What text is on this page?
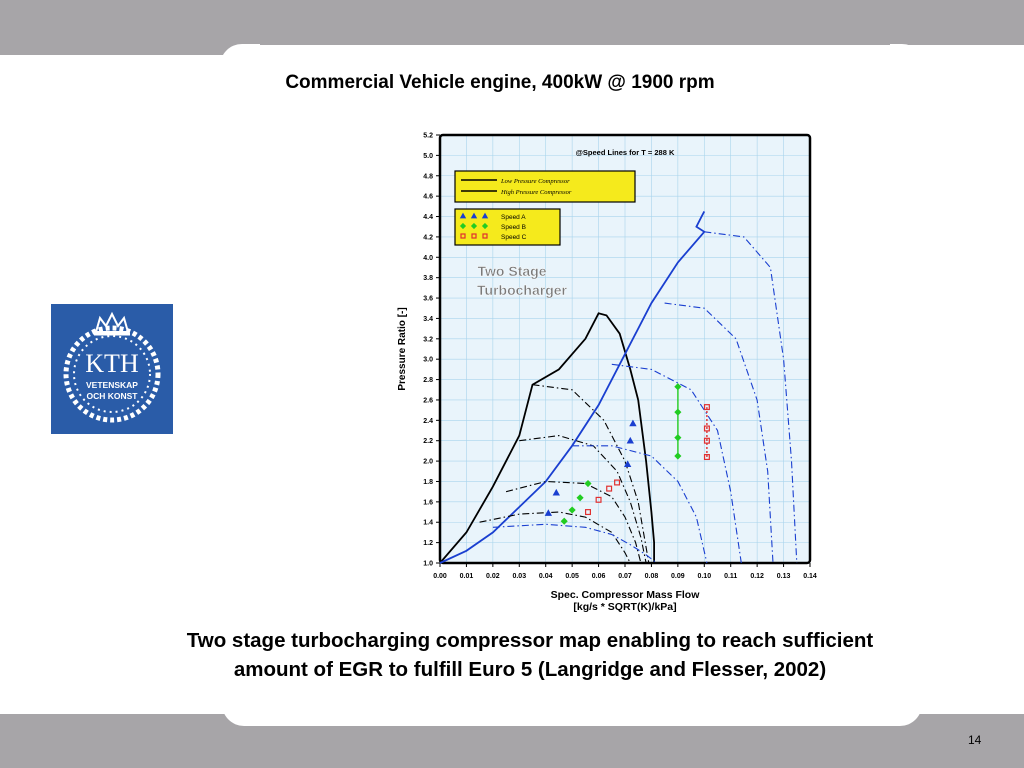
Commercial Vehicle engine, 400kW @ 1900 rpm
KTH
VETENSKAP
OCH KONST
0.00 0.01 0.02 0.03 0.04 0.05 0.06 0.07 0.08 0.09 0.10 0.11 0.12 0.13 0.14
1.0
1.2
1.4
1.6
1.8
2.0
2.2
2.4
2.6
2.8
3.0
3.2
3.4
3.6
3.8
4.0
4.2
4.4
4.6
4.8
5.0
5.2
@Speed Lines for T = 288 K
Low Pressure Compressor
High Pressure Compressor
Speed A
Speed B
Speed C
Two Stage
Turbocharger
Spec. Compressor Mass Flow
[kg/s * SQRT(K)/kPa]
Pressure Ratio [-]
Two stage turbocharging compressor map enabling to reach sufficient amount of EGR to fulfill Euro 5 (Langridge and Flesser, 2002)
14
